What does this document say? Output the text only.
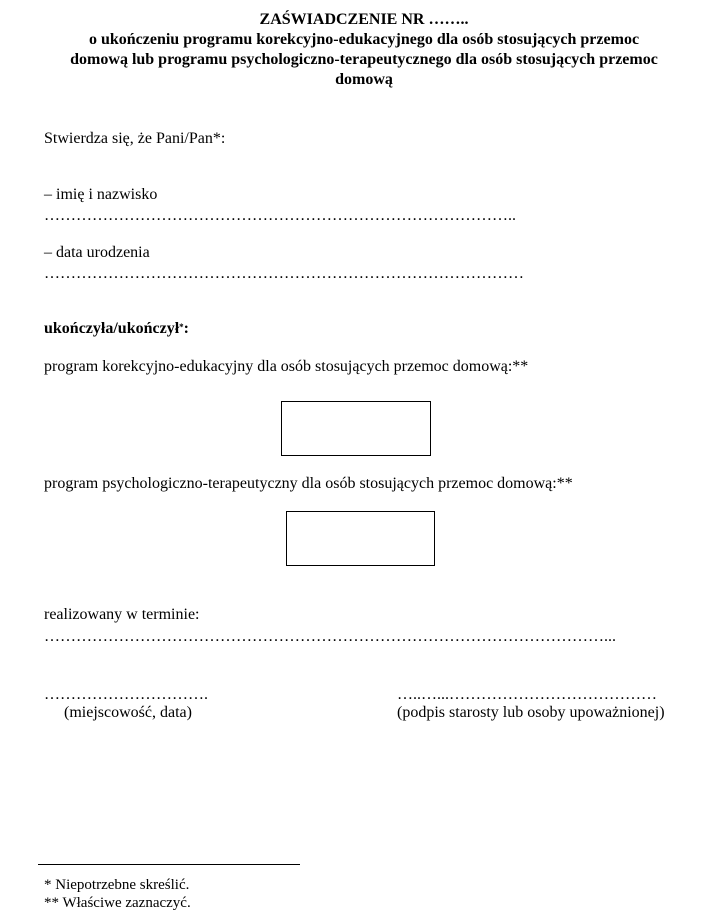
ZAŚWIADCZENIE NR ……..
o ukończeniu programu korekcyjno-edukacyjnego dla osób stosujących przemoc
domową lub programu psychologiczno-terapeutycznego dla osób stosujących przemoc
domową
Stwierdza się, że Pani/Pan*:
– imię i nazwisko
……………………………………………………………………………..
– data urodzenia
………………………………………………………………………………
ukończyła/ukończył*:
program korekcyjno-edukacyjny dla osób stosujących przemoc domową:**
program psychologiczno-terapeutyczny dla osób stosujących przemoc domową:**
realizowany w terminie:
……………………………………………………………………………………………...
………………………….
(miejscowość, data)
…..…...…………………………………
(podpis starosty lub osoby upoważnionej)
* Niepotrzebne skreślić.
** Właściwe zaznaczyć.
